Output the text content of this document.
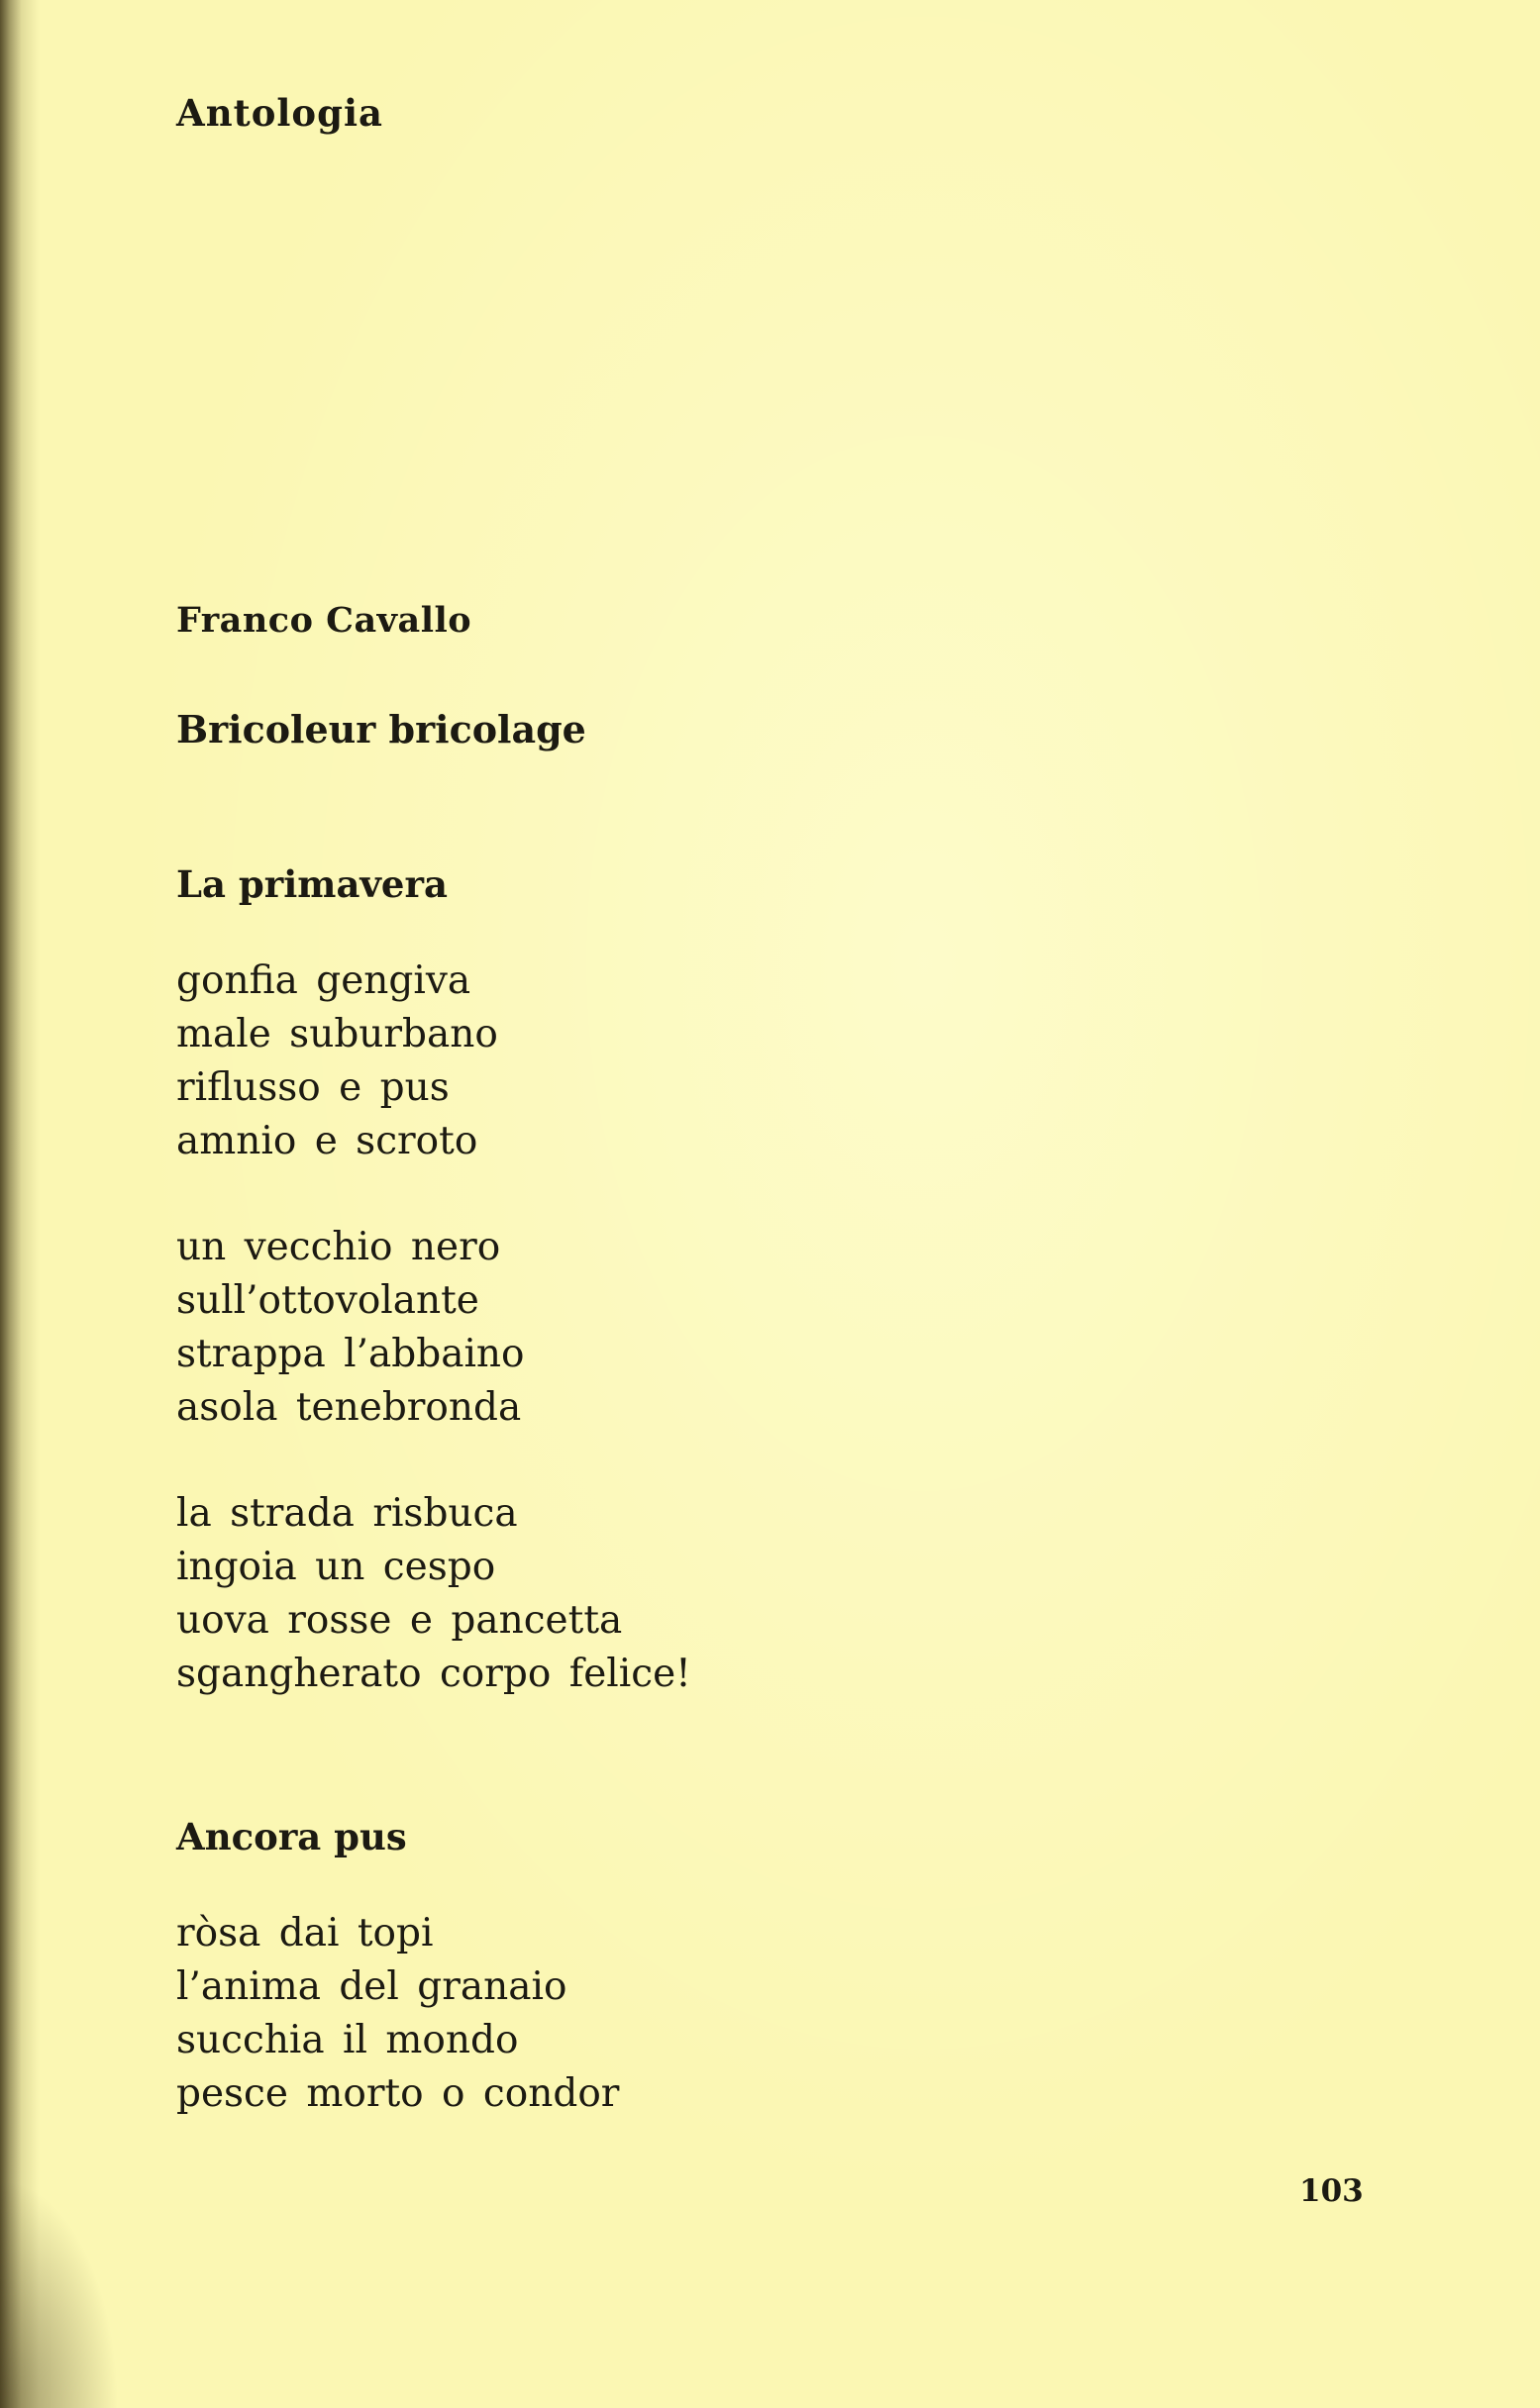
Antologia
Franco Cavallo
Bricoleur bricolage
La primavera
gonfia gengiva
male suburbano
riflusso e pus
amnio e scroto
un vecchio nero
sull’ottovolante
strappa l’abbaino
asola tenebronda
la strada risbuca
ingoia un cespo
uova rosse e pancetta
sgangherato corpo felice!
Ancora pus
ròsa dai topi
l’anima del granaio
succhia il mondo
pesce morto o condor
103
